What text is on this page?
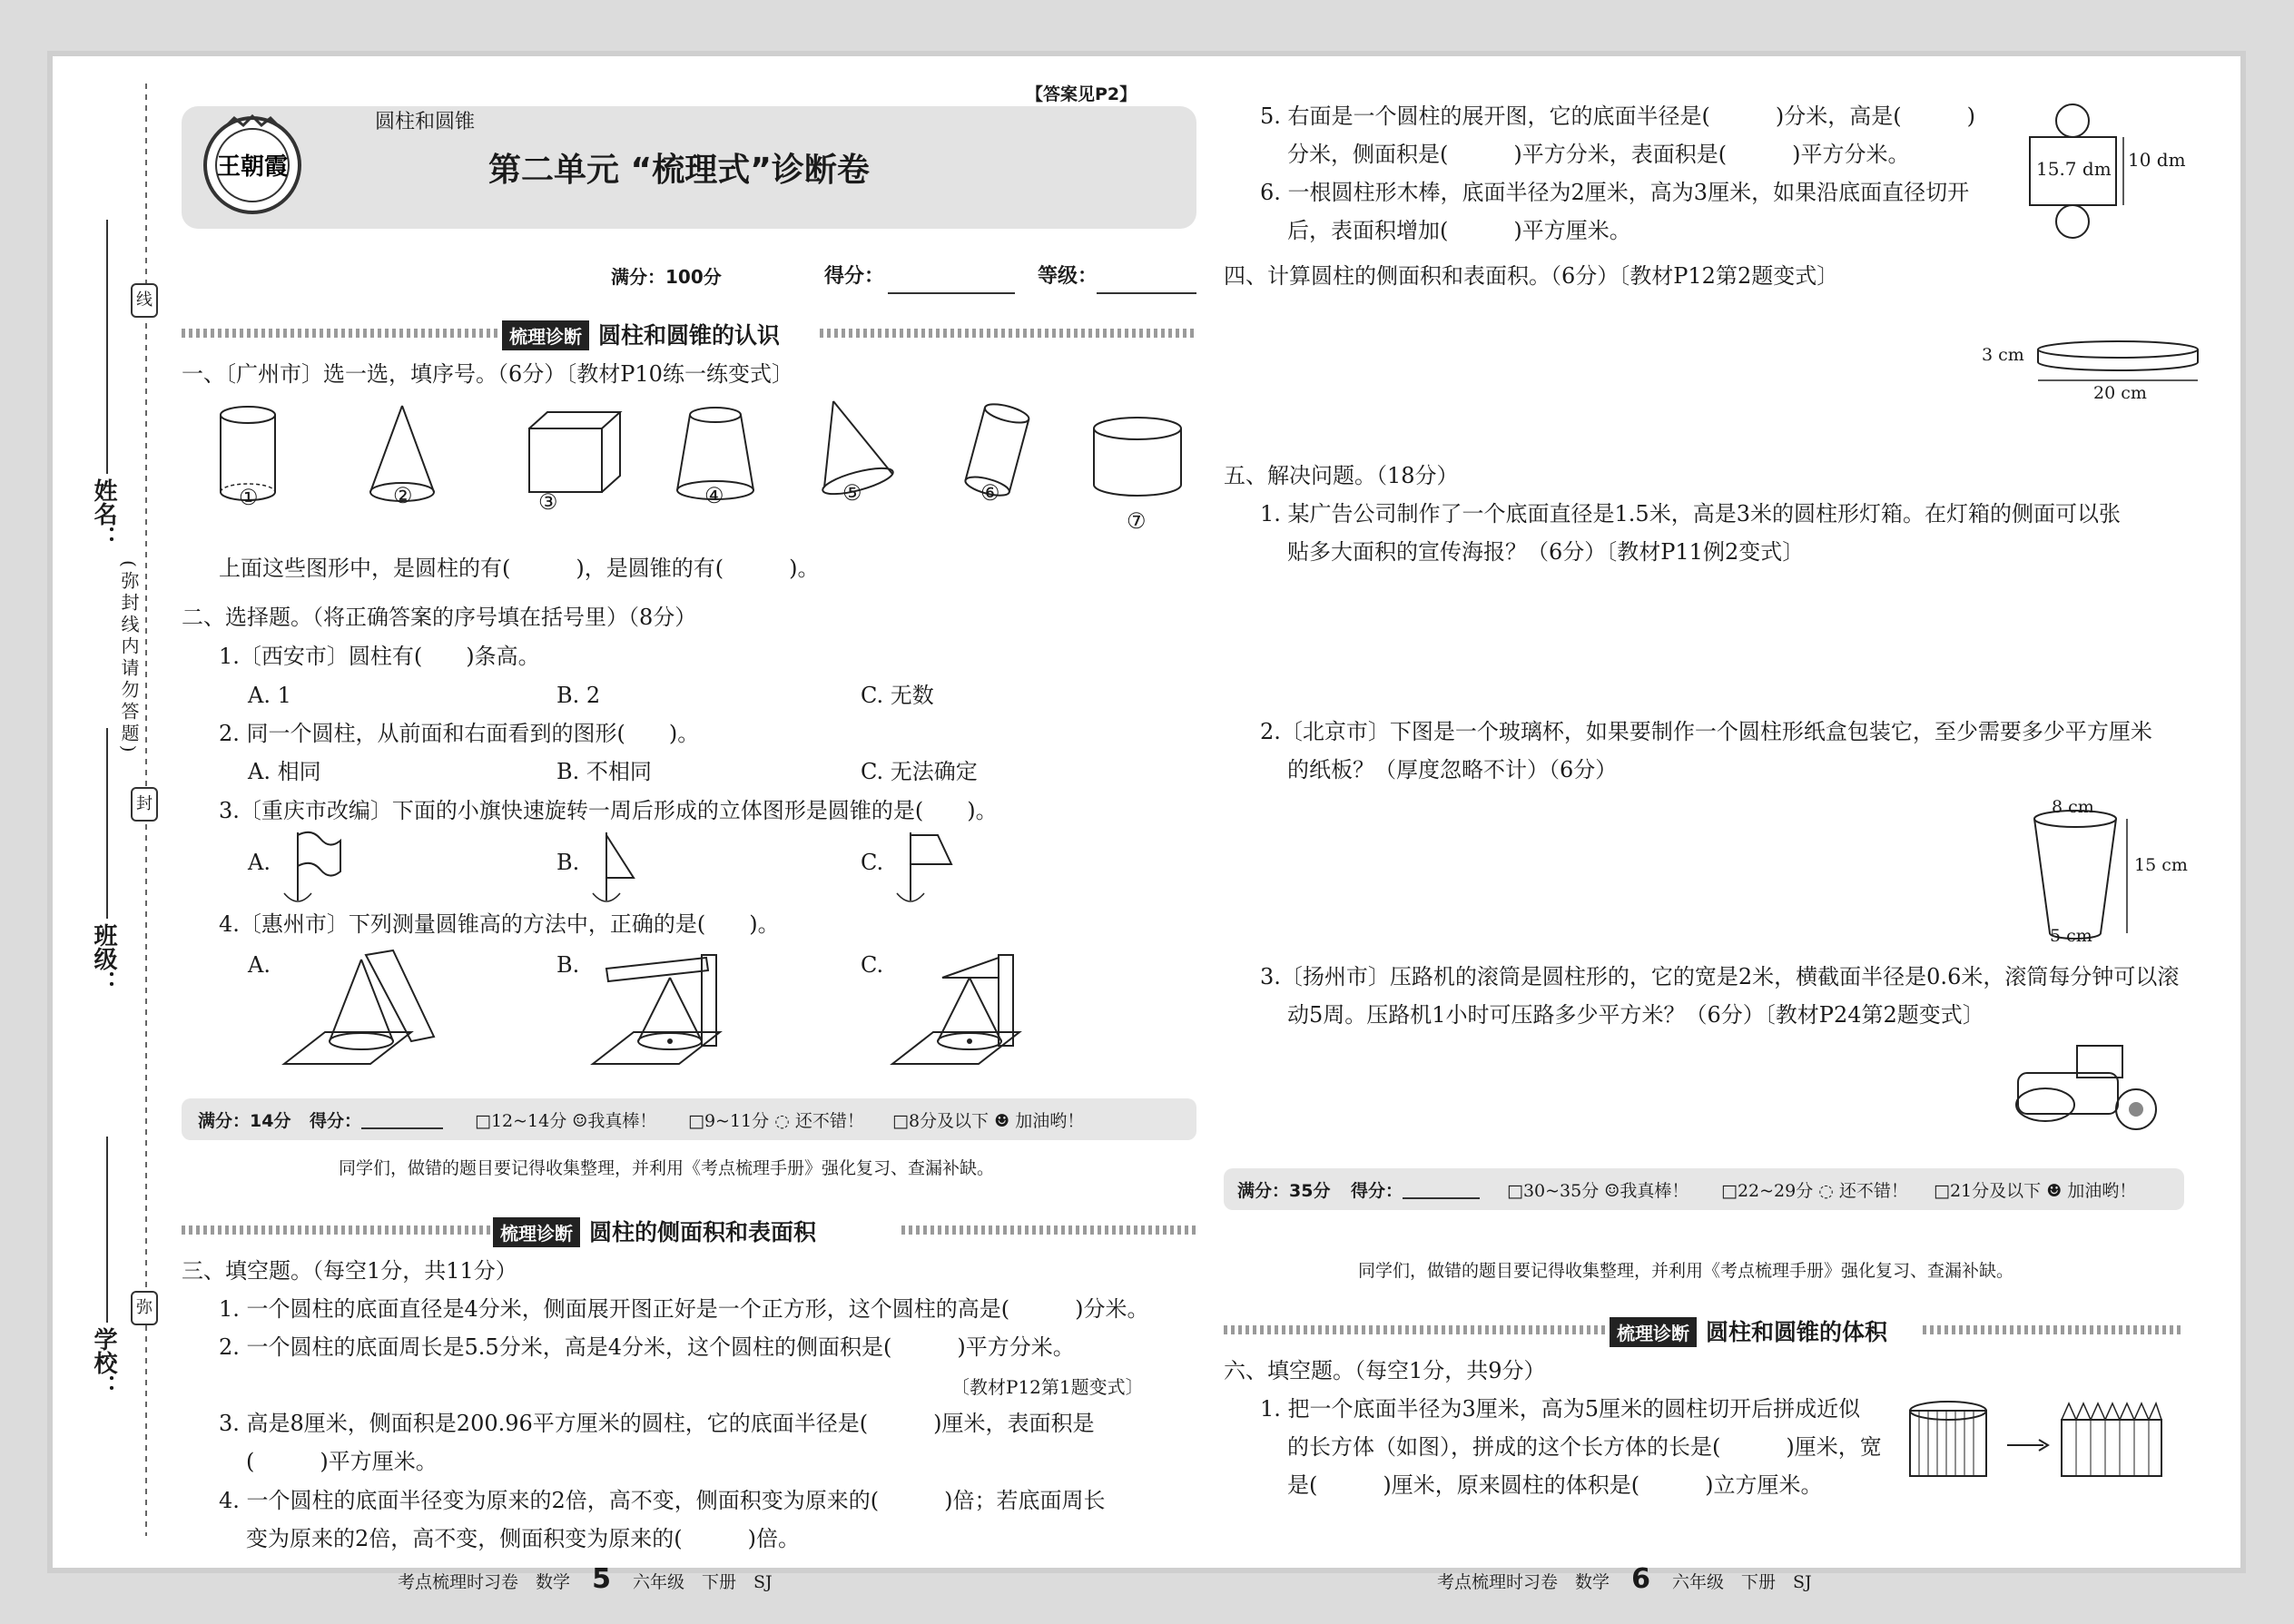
线
封
弥
(弥封线内请勿答题)
姓名：
班级：
学校：
王朝霞
圆柱和圆锥
【答案见P2】
第二单元 “梳理式”诊断卷
满分：100分	得分：	等级：
梳理诊断 圆柱和圆锥的认识
一、〔广州市〕选一选，填序号。（6分）〔教材P10练一练变式〕
①	②	③	④	⑤	⑥
⑦
上面这些图形中，是圆柱的有(　　　)，是圆锥的有(　　　)。
二、选择题。（将正确答案的序号填在括号里）（8分）
1.〔西安市〕圆柱有(　　)条高。
A. 1	B. 2	C. 无数
2. 同一个圆柱，从前面和右面看到的图形(　　)。
A. 相同	B. 不相同	C. 无法确定
3.〔重庆市改编〕下面的小旗快速旋转一周后形成的立体图形是圆锥的是(　　)。
A.	B.	C.
4.〔惠州市〕下列测量圆锥高的方法中，正确的是(　　)。
A.	B.	C.
满分：14分 得分：	□12~14分 ☺我真棒！ □9~11分 ◌ 还不错！ □8分及以下 ☻ 加油哟！
同学们，做错的题目要记得收集整理，并利用《考点梳理手册》强化复习、查漏补缺。
梳理诊断 圆柱的侧面积和表面积
三、填空题。（每空1分，共11分）
1. 一个圆柱的底面直径是4分米，侧面展开图正好是一个正方形，这个圆柱的高是(　　　)分米。
2. 一个圆柱的底面周长是5.5分米，高是4分米，这个圆柱的侧面积是(　　　)平方分米。
〔教材P12第1题变式〕
3. 高是8厘米，侧面积是200.96平方厘米的圆柱，它的底面半径是(　　　)厘米，表面积是
(　　　)平方厘米。
4. 一个圆柱的底面半径变为原来的2倍，高不变，侧面积变为原来的(　　　)倍；若底面周长
变为原来的2倍，高不变，侧面积变为原来的(　　　)倍。
考点梳理时习卷　数学 5 六年级　下册　SJ
5. 右面是一个圆柱的展开图，它的底面半径是(　　　)分米，高是(　　　)
分米，侧面积是(　　　)平方分米，表面积是(　　　)平方分米。
6. 一根圆柱形木棒，底面半径为2厘米，高为3厘米，如果沿底面直径切开
后，表面积增加(　　　)平方厘米。
15.7 dm 10 dm
四、计算圆柱的侧面积和表面积。（6分）〔教材P12第2题变式〕
3 cm
20 cm
五、解决问题。（18分）
1. 某广告公司制作了一个底面直径是1.5米，高是3米的圆柱形灯箱。在灯箱的侧面可以张
贴多大面积的宣传海报？（6分）〔教材P11例2变式〕
2.〔北京市〕下图是一个玻璃杯，如果要制作一个圆柱形纸盒包装它，至少需要多少平方厘米
的纸板？（厚度忽略不计）（6分）
8 cm
15 cm
5 cm
3.〔扬州市〕压路机的滚筒是圆柱形的，它的宽是2米，横截面半径是0.6米，滚筒每分钟可以滚
动5周。压路机1小时可压路多少平方米？（6分）〔教材P24第2题变式〕
满分：35分 得分：	□30~35分 ☺我真棒！ □22~29分 ◌ 还不错！ □21分及以下 ☻ 加油哟！
同学们，做错的题目要记得收集整理，并利用《考点梳理手册》强化复习、查漏补缺。
梳理诊断 圆柱和圆锥的体积
六、填空题。（每空1分，共9分）
1. 把一个底面半径为3厘米，高为5厘米的圆柱切开后拼成近似
的长方体（如图），拼成的这个长方体的长是(　　　)厘米，宽
是(　　　)厘米，原来圆柱的体积是(　　　)立方厘米。
考点梳理时习卷　数学 6 六年级　下册　SJ
